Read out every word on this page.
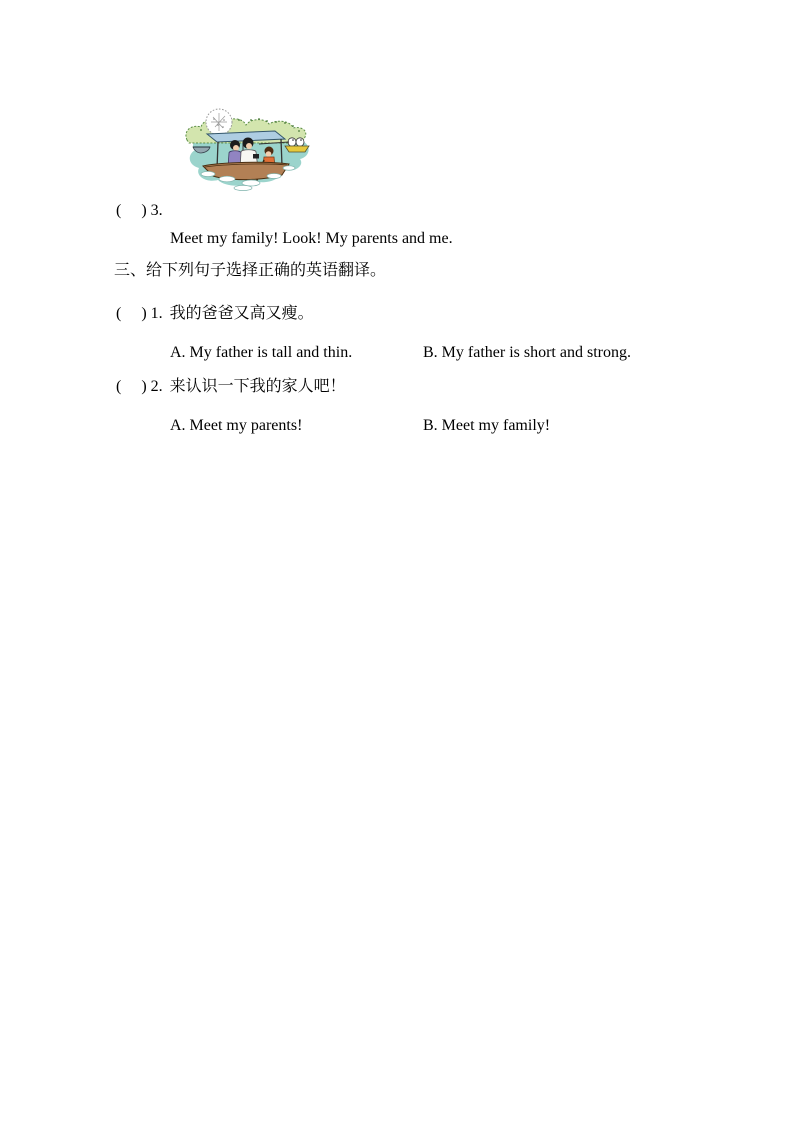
(     ) 3.
Meet my family! Look! My parents and me.
三、给下列句子选择正确的英语翻译。
(     ) 1. 我的爸爸又高又瘦。
A. My father is tall and thin.	B. My father is short and strong.
(     ) 2. 来认识一下我的家人吧！
A. Meet my parents!	B. Meet my family!
